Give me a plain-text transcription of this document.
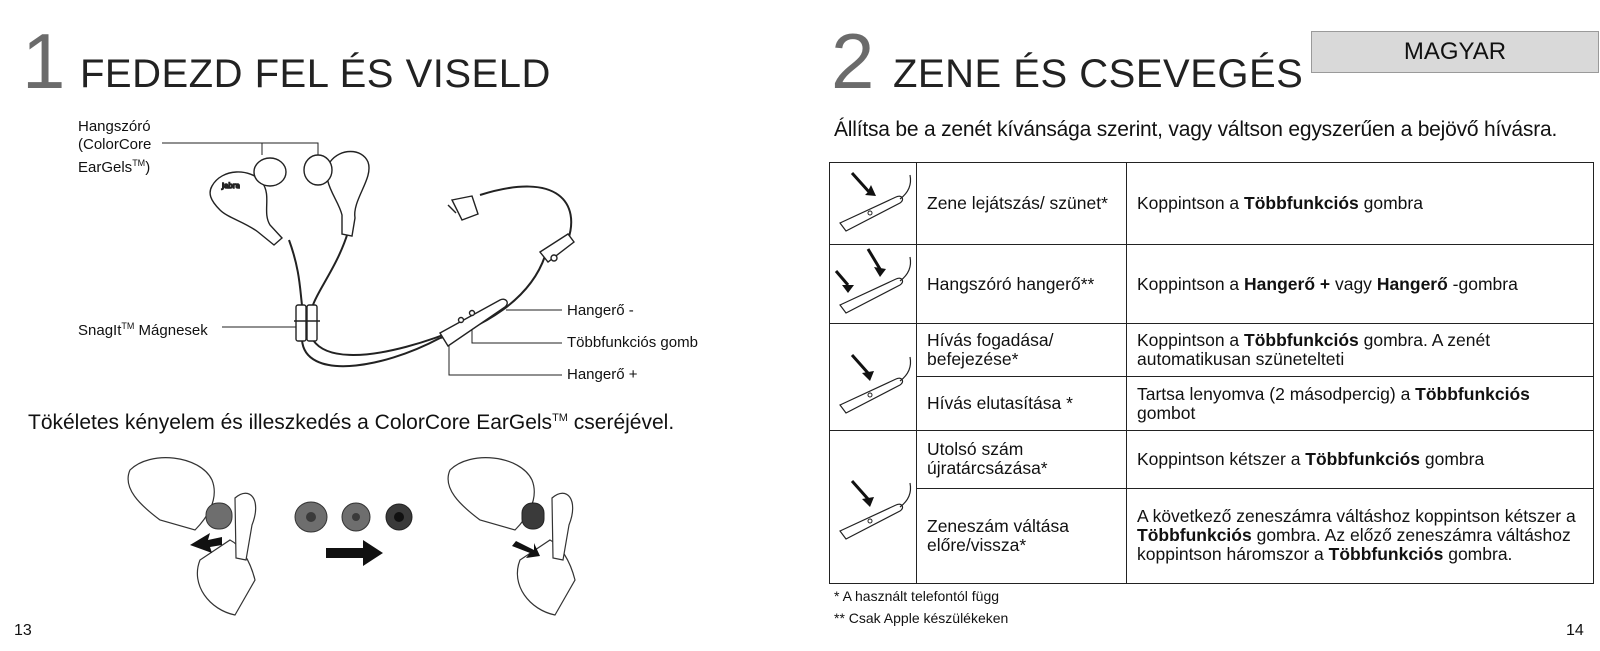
1 FEDEZD FEL ÉS VISELD
Hangszóró
(ColorCore
EarGels™)
SnagIt™ Mágnesek
Hangerő -
Többfunkciós gomb
Hangerő +
Jabra
Tökéletes kényelem és illeszkedés a ColorCore EarGels™ cseréjével.
13
2 ZENE ÉS CSEVEGÉS
MAGYAR
Állítsa be a zenét kívánsága szerint, vagy váltson egyszerűen a bejövő hívásra.
	Zene lejátszás/ szünet*	Koppintson a Többfunkciós gombra
	Hangszóró hangerő**	Koppintson a Hangerő + vagy Hangerő -gombra
	Hívás fogadása/ befejezése*	Koppintson a Többfunkciós gombra. A zenét automatikusan szünetelteti
	Hívás elutasítása *	Tartsa lenyomva (2 másodpercig) a Többfunkciós gombot
	Utolsó szám újratárcsázása*	Koppintson kétszer a Többfunkciós gombra
	Zeneszám váltása előre/vissza*	A következő zeneszámra váltáshoz koppintson kétszer a Többfunkciós gombra. Az előző zeneszámra váltáshoz koppintson háromszor a Többfunkciós gombra.
* A használt telefontól függ
** Csak Apple készülékeken
14
